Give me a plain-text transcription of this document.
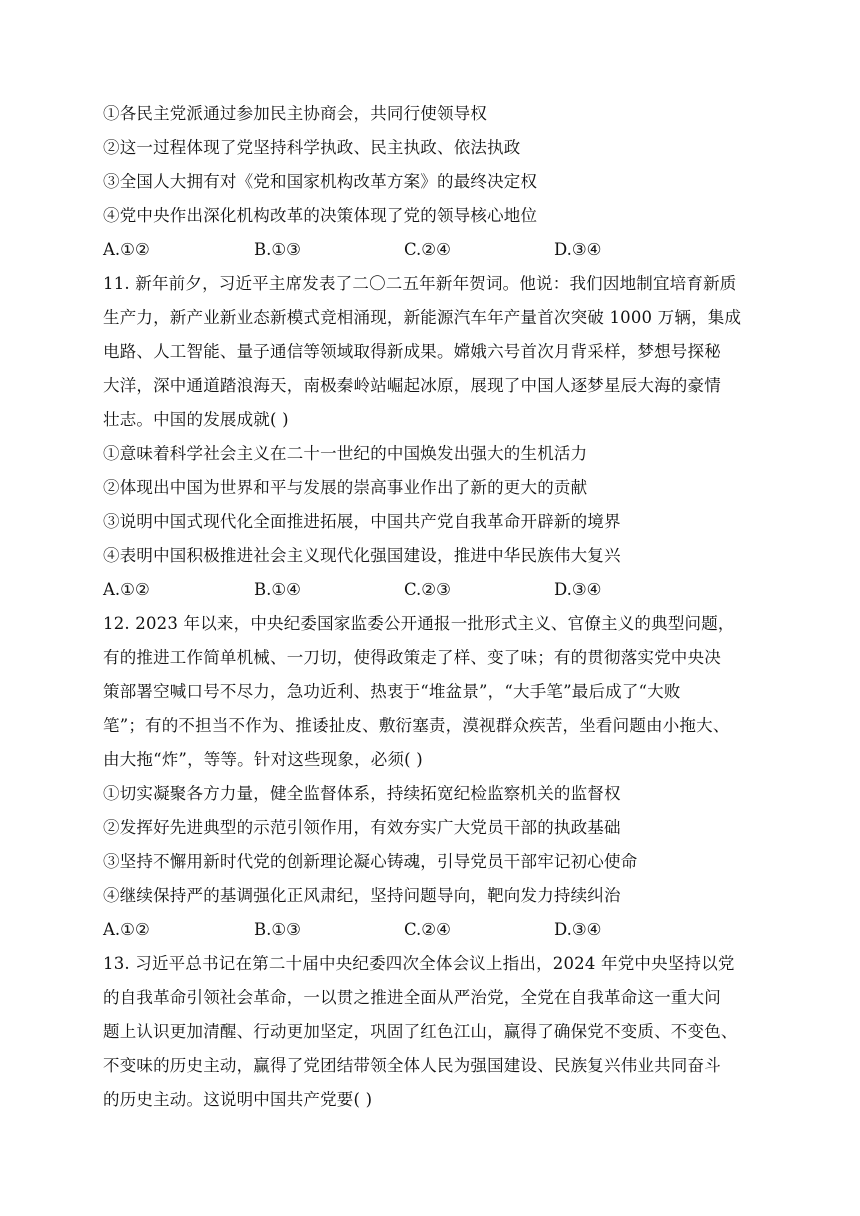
①各民主党派通过参加民主协商会，共同行使领导权
②这一过程体现了党坚持科学执政、民主执政、依法执政
③全国人大拥有对《党和国家机构改革方案》的最终决定权
④党中央作出深化机构改革的决策体现了党的领导核心地位
A.①②	B.①③	C.②④	D.③④
11. 新年前夕，习近平主席发表了二〇二五年新年贺词。他说：我们因地制宜培育新质
生产力，新产业新业态新模式竞相涌现，新能源汽车年产量首次突破 1000 万辆，集成
电路、人工智能、量子通信等领域取得新成果。嫦娥六号首次月背采样，梦想号探秘
大洋，深中通道踏浪海天，南极秦岭站崛起冰原，展现了中国人逐梦星辰大海的豪情
壮志。中国的发展成就( )
①意味着科学社会主义在二十一世纪的中国焕发出强大的生机活力
②体现出中国为世界和平与发展的崇高事业作出了新的更大的贡献
③说明中国式现代化全面推进拓展，中国共产党自我革命开辟新的境界
④表明中国积极推进社会主义现代化强国建设，推进中华民族伟大复兴
A.①②	B.①④	C.②③	D.③④
12. 2023 年以来，中央纪委国家监委公开通报一批形式主义、官僚主义的典型问题，
有的推进工作简单机械、一刀切，使得政策走了样、变了味；有的贯彻落实党中央决
策部署空喊口号不尽力，急功近利、热衷于“堆盆景”，“大手笔”最后成了“大败
笔”；有的不担当不作为、推诿扯皮、敷衍塞责，漠视群众疾苦，坐看问题由小拖大、
由大拖“炸”，等等。针对这些现象，必须( )
①切实凝聚各方力量，健全监督体系，持续拓宽纪检监察机关的监督权
②发挥好先进典型的示范引领作用，有效夯实广大党员干部的执政基础
③坚持不懈用新时代党的创新理论凝心铸魂，引导党员干部牢记初心使命
④继续保持严的基调强化正风肃纪，坚持问题导向，靶向发力持续纠治
A.①②	B.①③	C.②④	D.③④
13. 习近平总书记在第二十届中央纪委四次全体会议上指出，2024 年党中央坚持以党
的自我革命引领社会革命，一以贯之推进全面从严治党，全党在自我革命这一重大问
题上认识更加清醒、行动更加坚定，巩固了红色江山，赢得了确保党不变质、不变色、
不变味的历史主动，赢得了党团结带领全体人民为强国建设、民族复兴伟业共同奋斗
的历史主动。这说明中国共产党要( )
